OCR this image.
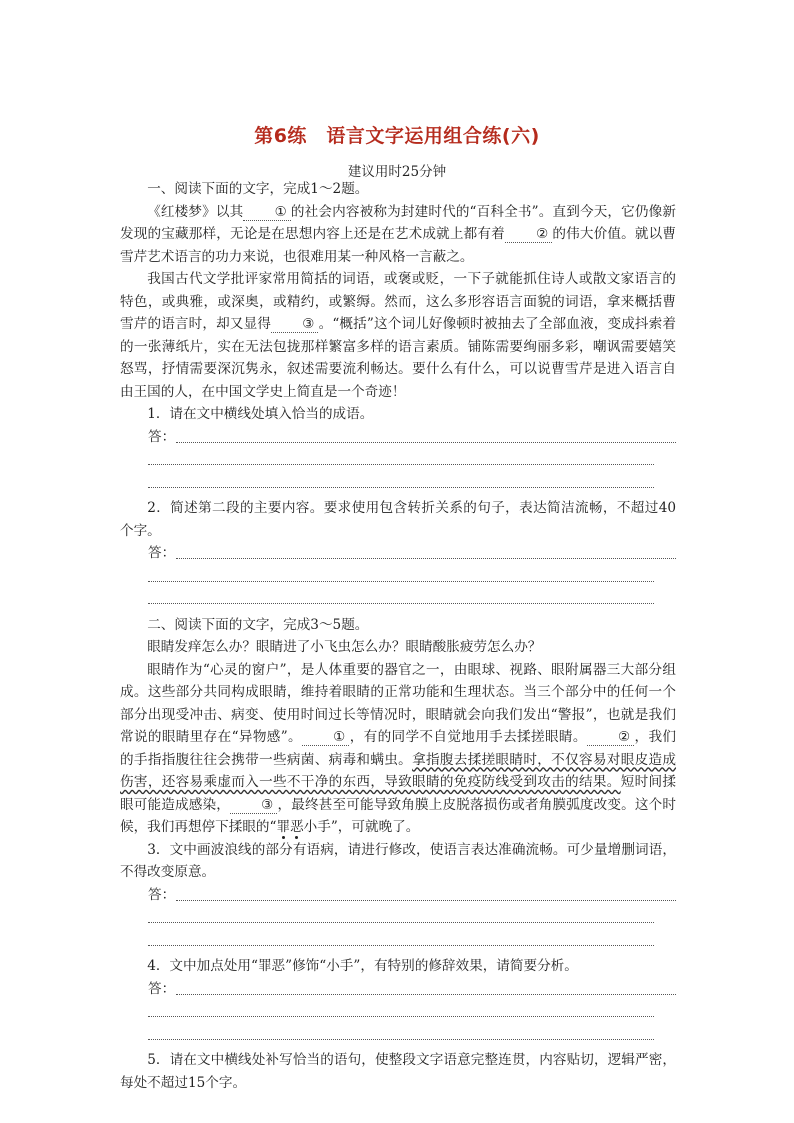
第6练　语言文字运用组合练(六)
建议用时25分钟

一、阅读下面的文字，完成1～2题。

《红楼梦》以其 ① 的社会内容被称为封建时代的“百科全书”。直到今天，它仍像新发现的宝藏那样，无论是在思想内容上还是在艺术成就上都有着 ② 的伟大价值。就以曹雪芹艺术语言的功力来说，也很难用某一种风格一言蔽之。

我国古代文学批评家常用简括的词语，或褒或贬，一下子就能抓住诗人或散文家语言的特色，或典雅，或深奥，或精约，或繁缛。然而，这么多形容语言面貌的词语，拿来概括曹雪芹的语言时，却又显得 ③ 。“概括”这个词儿好像顿时被抽去了全部血液，变成抖索着的一张薄纸片，实在无法包拢那样繁富多样的语言素质。铺陈需要绚丽多彩，嘲讽需要嬉笑怒骂，抒情需要深沉隽永，叙述需要流利畅达。要什么有什么，可以说曹雪芹是进入语言自由王国的人，在中国文学史上简直是一个奇迹！

1．请在文中横线处填入恰当的成语。

答：

2．简述第二段的主要内容。要求使用包含转折关系的句子，表达简洁流畅，不超过40个字。

答：

二、阅读下面的文字，完成3～5题。

眼睛发痒怎么办？眼睛进了小飞虫怎么办？眼睛酸胀疲劳怎么办？

眼睛作为“心灵的窗户”，是人体重要的器官之一，由眼球、视路、眼附属器三大部分组成。这些部分共同构成眼睛，维持着眼睛的正常功能和生理状态。当三个部分中的任何一个部分出现受冲击、病变、使用时间过长等情况时，眼睛就会向我们发出“警报”，也就是我们常说的眼睛里存在“异物感”。 ① ，有的同学不自觉地用手去揉搓眼睛。 ② ，我们的手指指腹往往会携带一些病菌、病毒和螨虫。拿指腹去揉搓眼睛时，不仅容易对眼皮造成伤害，还容易乘虚而入一些不干净的东西，导致眼睛的免疫防线受到攻击的结果。短时间揉眼可能造成感染， ③ ，最终甚至可能导致角膜上皮脱落损伤或者角膜弧度改变。这个时候，我们再想停下揉眼的“罪恶小手”，可就晚了。

3．文中画波浪线的部分有语病，请进行修改，使语言表达准确流畅。可少量增删词语，不得改变原意。

答：

4．文中加点处用“罪恶”修饰“小手”，有特别的修辞效果，请简要分析。

答：

5．请在文中横线处补写恰当的语句，使整段文字语意完整连贯，内容贴切，逻辑严密，每处不超过15个字。
